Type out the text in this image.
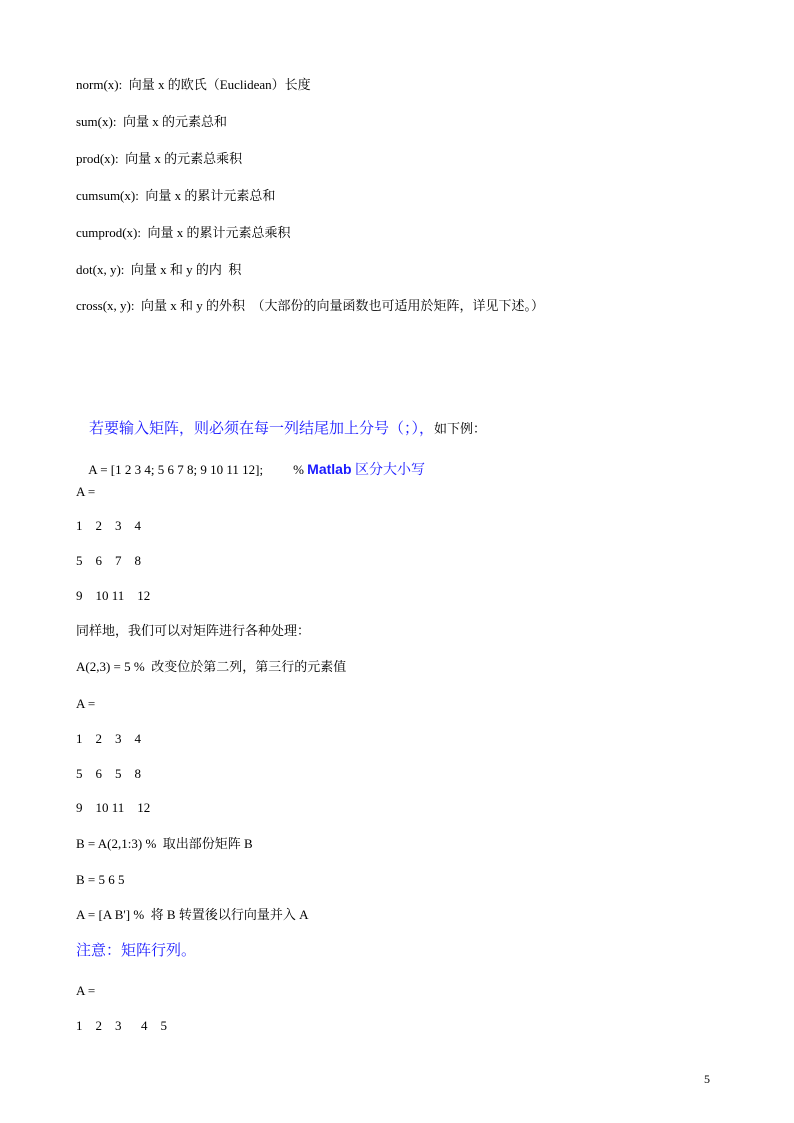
norm(x):  向量 x 的欧氏（Euclidean）长度
sum(x):  向量 x 的元素总和
prod(x):  向量 x 的元素总乘积
cumsum(x):  向量 x 的累计元素总和
cumprod(x):  向量 x 的累计元素总乘积
dot(x, y):  向量 x 和 y 的内  积
cross(x, y):  向量 x 和 y 的外积  （大部份的向量函数也可适用於矩阵，详见下述。）

若要输入矩阵，则必须在每一列结尾加上分号（；），如下例：

A = [1 2 3 4; 5 6 7 8; 9 10 11 12]; % Matlab 区分大小写

A =
1    2    3    4
5    6    7    8
9    10 11    12
同样地，我们可以对矩阵进行各种处理：
A(2,3) = 5 %  改变位於第二列，第三行的元素值
A =
1    2    3    4
5    6    5    8
9    10 11    12
B = A(2,1:3) %  取出部份矩阵 B
B = 5 6 5
A = [A B'] %  将 B 转置後以行向量并入 A
注意：矩阵行列。
A =
1    2    3      4    5
5
